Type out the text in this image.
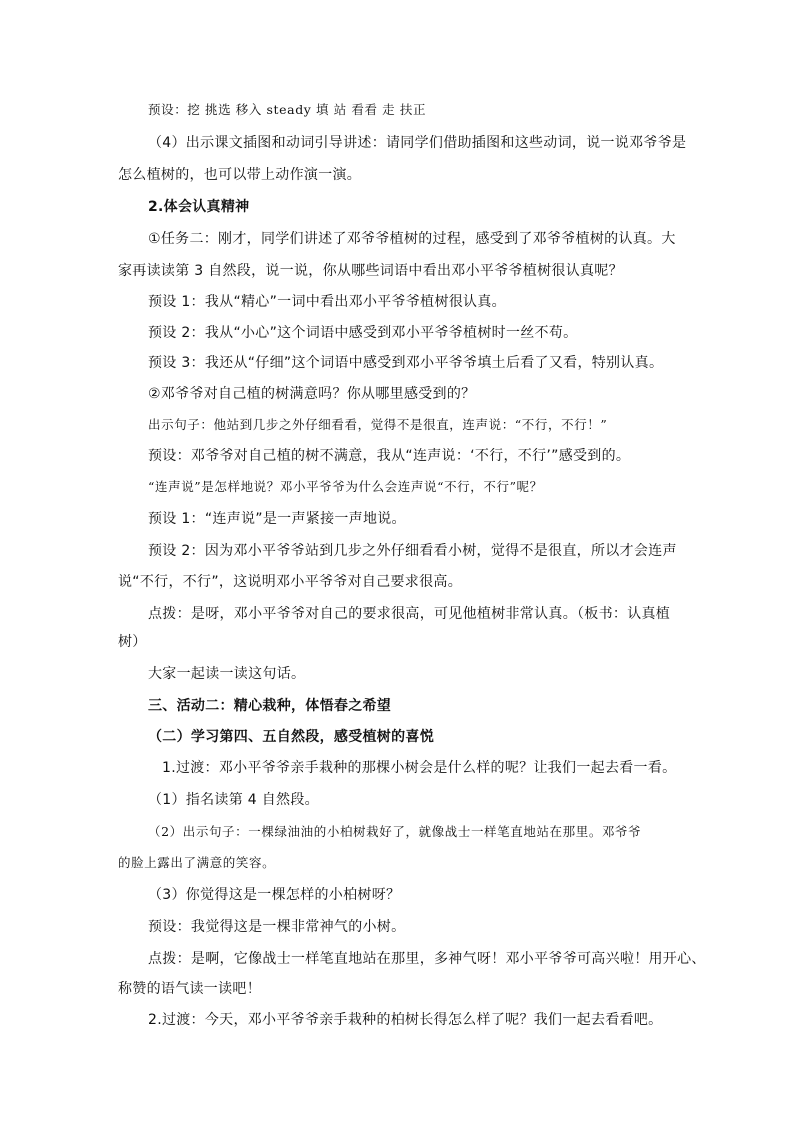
预设：挖 挑选 移入 steady 填 站 看看 走 扶正

（4）出示课文插图和动词引导讲述：请同学们借助插图和这些动词，说一说邓爷爷是

怎么植树的，也可以带上动作演一演。

2.体会认真精神

①任务二：刚才，同学们讲述了邓爷爷植树的过程，感受到了邓爷爷植树的认真。大

家再读读第 3 自然段，说一说，你从哪些词语中看出邓小平爷爷植树很认真呢？

预设 1：我从“精心”一词中看出邓小平爷爷植树很认真。

预设 2：我从“小心”这个词语中感受到邓小平爷爷植树时一丝不苟。

预设 3：我还从“仔细”这个词语中感受到邓小平爷爷填土后看了又看，特别认真。

②邓爷爷对自己植的树满意吗？你从哪里感受到的？

出示句子：他站到几步之外仔细看看，觉得不是很直，连声说：“不行，不行！”

预设：邓爷爷对自己植的树不满意，我从“连声说：‘不行，不行’”感受到的。

“连声说”是怎样地说？邓小平爷爷为什么会连声说“不行，不行”呢？

预设 1：“连声说”是一声紧接一声地说。

预设 2：因为邓小平爷爷站到几步之外仔细看看小树，觉得不是很直，所以才会连声

说“不行，不行”，这说明邓小平爷爷对自己要求很高。

点拨：是呀，邓小平爷爷对自己的要求很高，可见他植树非常认真。（板书：认真植

树）

大家一起读一读这句话。

三、活动二：精心栽种，体悟春之希望

（二）学习第四、五自然段，感受植树的喜悦

1.过渡：邓小平爷爷亲手栽种的那棵小树会是什么样的呢？让我们一起去看一看。

（1）指名读第 4 自然段。

（2）出示句子：一棵绿油油的小柏树栽好了，就像战士一样笔直地站在那里。邓爷爷

的脸上露出了满意的笑容。

（3）你觉得这是一棵怎样的小柏树呀？

预设：我觉得这是一棵非常神气的小树。

点拨：是啊，它像战士一样笔直地站在那里，多神气呀！邓小平爷爷可高兴啦！用开心、

称赞的语气读一读吧！

2.过渡：今天，邓小平爷爷亲手栽种的柏树长得怎么样了呢？我们一起去看看吧。
